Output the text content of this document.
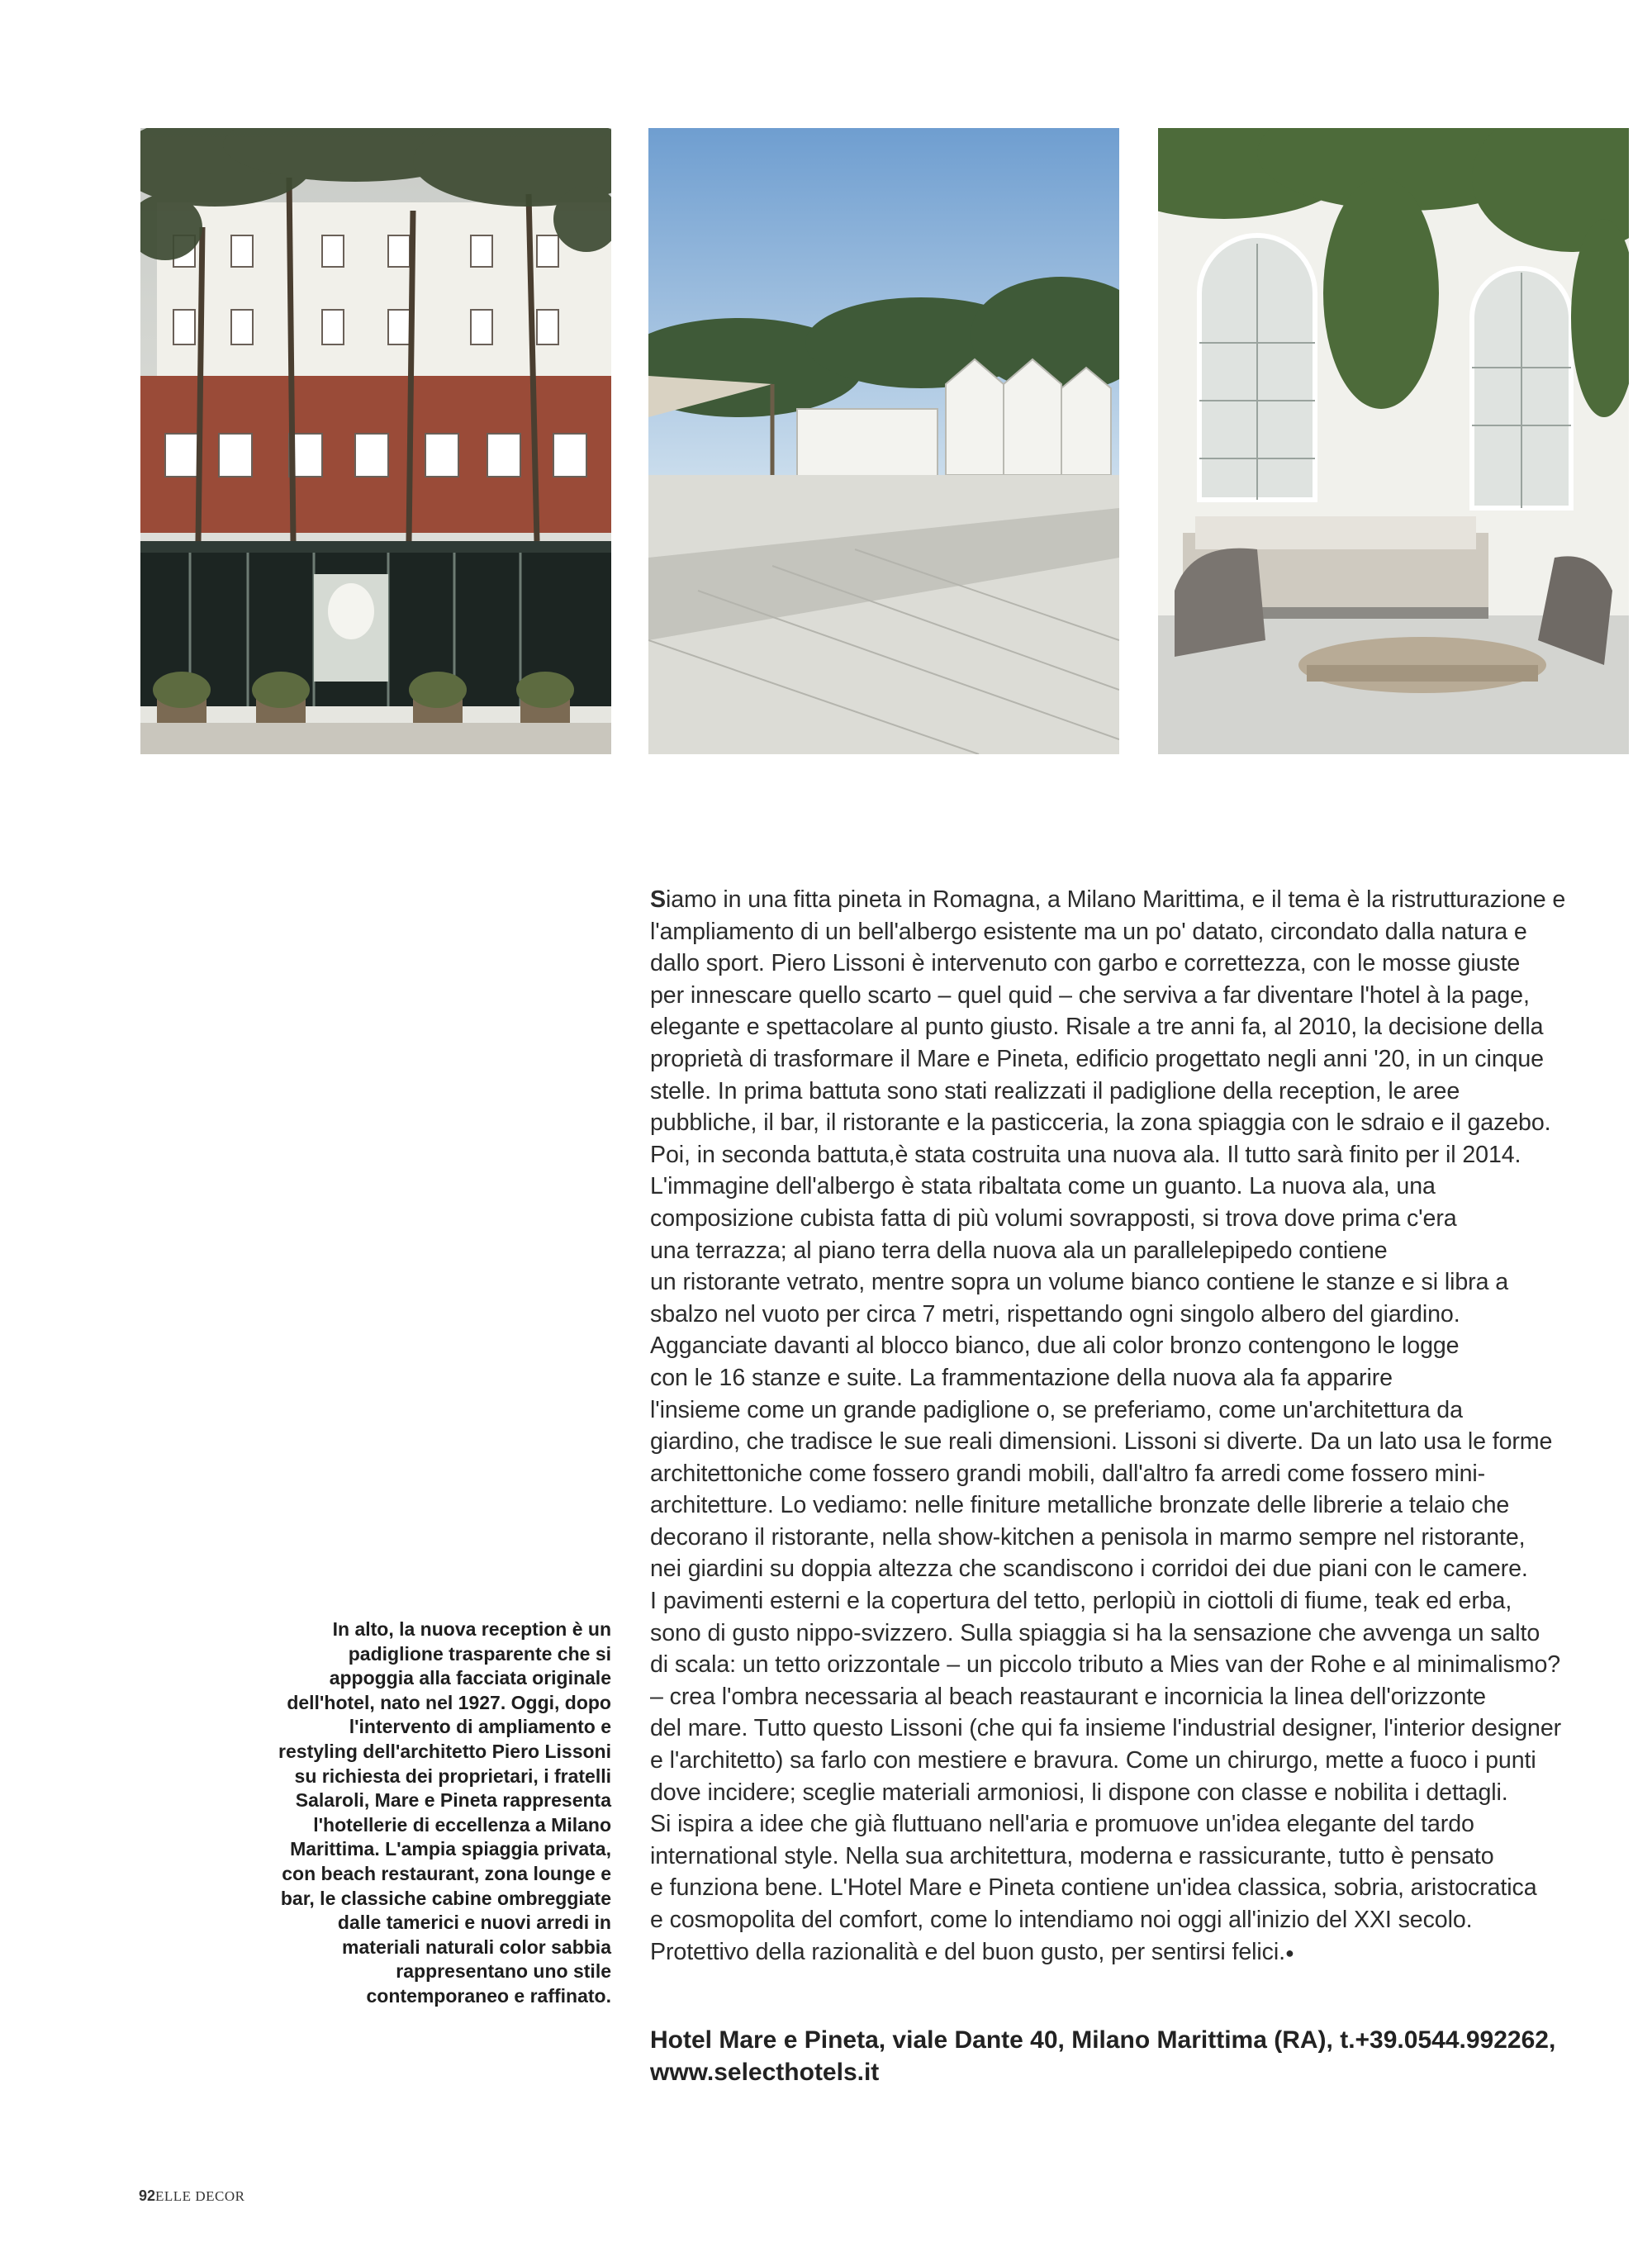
Siamo in una fitta pineta in Romagna, a Milano Marittima, e il tema è la ristrutturazione e
l'ampliamento di un bell'albergo esistente ma un po' datato, circondato dalla natura e
dallo sport. Piero Lissoni è intervenuto con garbo e correttezza, con le mosse giuste
per innescare quello scarto – quel quid – che serviva a far diventare l'hotel à la page,
elegante e spettacolare al punto giusto. Risale a tre anni fa, al 2010, la decisione della
proprietà di trasformare il Mare e Pineta, edificio progettato negli anni '20, in un cinque
stelle. In prima battuta sono stati realizzati il padiglione della reception, le aree
pubbliche, il bar, il ristorante e la pasticceria, la zona spiaggia con le sdraio e il gazebo.
Poi, in seconda battuta,è stata costruita una nuova ala. Il tutto sarà finito per il 2014.
L'immagine dell'albergo è stata ribaltata come un guanto. La nuova ala, una
composizione cubista fatta di più volumi sovrapposti, si trova dove prima c'era
una terrazza; al piano terra della nuova ala un parallelepipedo contiene
un ristorante vetrato, mentre sopra un volume bianco contiene le stanze e si libra a
sbalzo nel vuoto per circa 7 metri, rispettando ogni singolo albero del giardino.
Agganciate davanti al blocco bianco, due ali color bronzo contengono le logge
con le 16 stanze e suite. La frammentazione della nuova ala fa apparire
l'insieme come un grande padiglione o, se preferiamo, come un'architettura da
giardino, che tradisce le sue reali dimensioni. Lissoni si diverte. Da un lato usa le forme
architettoniche come fossero grandi mobili, dall'altro fa arredi come fossero mini-
architetture. Lo vediamo: nelle finiture metalliche bronzate delle librerie a telaio che
decorano il ristorante, nella show-kitchen a penisola in marmo sempre nel ristorante,
nei giardini su doppia altezza che scandiscono i corridoi dei due piani con le camere.
I pavimenti esterni e la copertura del tetto, perlopiù in ciottoli di fiume, teak ed erba,
sono di gusto nippo-svizzero. Sulla spiaggia si ha la sensazione che avvenga un salto
di scala: un tetto orizzontale – un piccolo tributo a Mies van der Rohe e al minimalismo?
– crea l'ombra necessaria al beach reastaurant e incornicia la linea dell'orizzonte
del mare. Tutto questo Lissoni (che qui fa insieme l'industrial designer, l'interior designer
e l'architetto) sa farlo con mestiere e bravura. Come un chirurgo, mette a fuoco i punti
dove incidere; sceglie materiali armoniosi, li dispone con classe e nobilita i dettagli.
Si ispira a idee che già fluttuano nell'aria e promuove un'idea elegante del tardo
international style. Nella sua architettura, moderna e rassicurante, tutto è pensato
e funziona bene. L'Hotel Mare e Pineta contiene un'idea classica, sobria, aristocratica
e cosmopolita del comfort, come lo intendiamo noi oggi all'inizio del XXI secolo.
Protettivo della razionalità e del buon gusto, per sentirsi felici.●
Hotel Mare e Pineta, viale Dante 40, Milano Marittima (RA), t.+39.0544.992262,
www.selecthotels.it
In alto, la nuova reception è un padiglione trasparente che si appoggia alla facciata originale dell'hotel, nato nel 1927. Oggi, dopo l'intervento di ampliamento e restyling dell'architetto Piero Lissoni su richiesta dei proprietari, i fratelli Salaroli, Mare e Pineta rappresenta l'hotellerie di eccellenza a Milano Marittima. L'ampia spiaggia privata, con beach restaurant, zona lounge e bar, le classiche cabine ombreggiate dalle tamerici e nuovi arredi in materiali naturali color sabbia rappresentano uno stile contemporaneo e raffinato.
92ELLE DECOR
